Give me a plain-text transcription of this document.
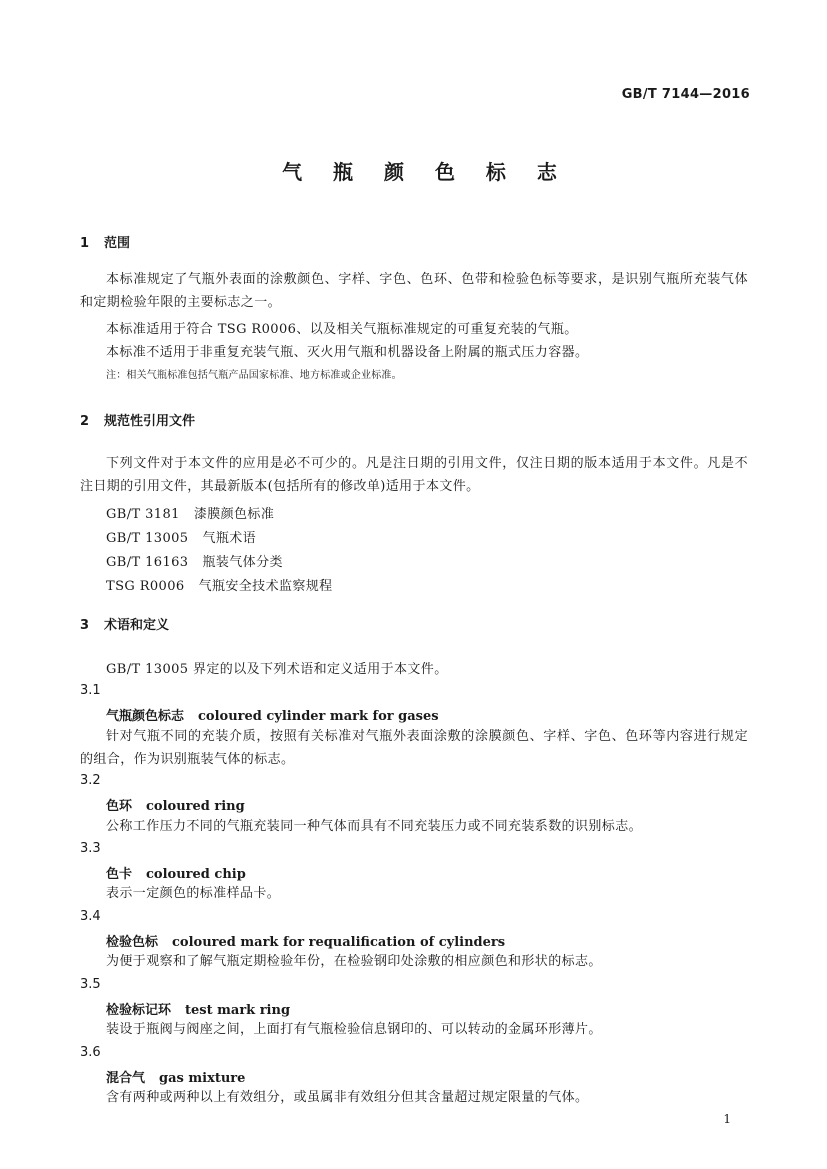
GB/T 7144—2016
气 瓶 颜 色 标 志
1 范围
本标准规定了气瓶外表面的涂敷颜色、字样、字色、色环、色带和检验色标等要求，是识别气瓶所充装气体和定期检验年限的主要标志之一。
本标准适用于符合 TSG R0006、以及相关气瓶标准规定的可重复充装的气瓶。
本标准不适用于非重复充装气瓶、灭火用气瓶和机器设备上附属的瓶式压力容器。
注：相关气瓶标准包括气瓶产品国家标准、地方标准或企业标准。
2 规范性引用文件
下列文件对于本文件的应用是必不可少的。凡是注日期的引用文件，仅注日期的版本适用于本文件。凡是不注日期的引用文件，其最新版本(包括所有的修改单)适用于本文件。
GB/T 3181 漆膜颜色标准
GB/T 13005 气瓶术语
GB/T 16163 瓶装气体分类
TSG R0006 气瓶安全技术监察规程
3 术语和定义
GB/T 13005 界定的以及下列术语和定义适用于本文件。
3.1
气瓶颜色标志 coloured cylinder mark for gases
针对气瓶不同的充装介质，按照有关标准对气瓶外表面涂敷的涂膜颜色、字样、字色、色环等内容进行规定的组合，作为识别瓶装气体的标志。
3.2
色环 coloured ring
公称工作压力不同的气瓶充装同一种气体而具有不同充装压力或不同充装系数的识别标志。
3.3
色卡 coloured chip
表示一定颜色的标准样品卡。
3.4
检验色标 coloured mark for requalification of cylinders
为便于观察和了解气瓶定期检验年份，在检验钢印处涂敷的相应颜色和形状的标志。
3.5
检验标记环 test mark ring
装设于瓶阀与阀座之间，上面打有气瓶检验信息钢印的、可以转动的金属环形薄片。
3.6
混合气 gas mixture
含有两种或两种以上有效组分，或虽属非有效组分但其含量超过规定限量的气体。
1
